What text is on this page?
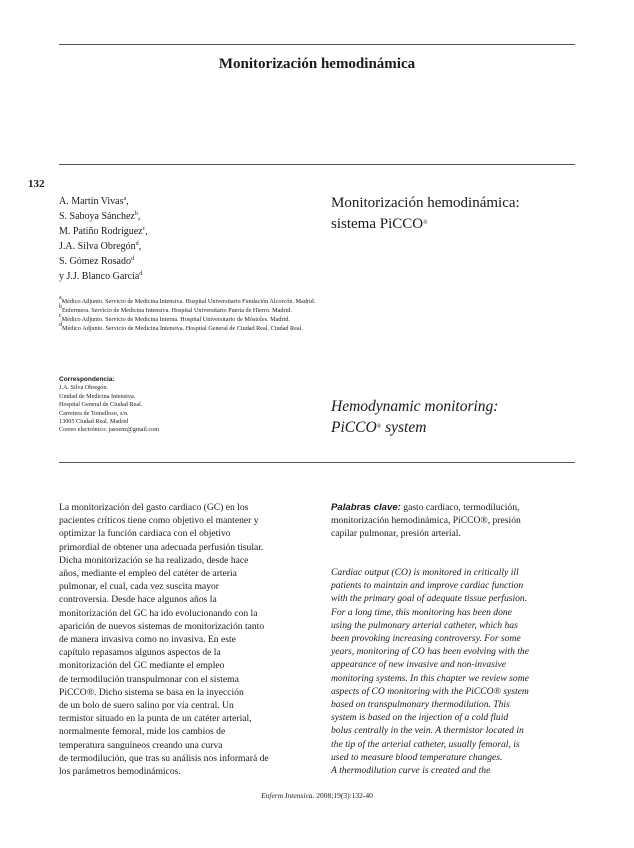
Monitorización hemodinámica
132
A. Martín Vivas$^a$,
S. Saboya Sánchez$^b$,
M. Patiño Rodríguez$^c$,
J.A. Silva Obregón$^d$,
S. Gómez Rosado$^d$
y J.J. Blanco García$^d$
$^a$Médico Adjunto. Servicio de Medicina Intensiva. Hospital Universitario Fundación Alcorcón. Madrid.
$^b$Enfermera. Servicio de Medicina Intensiva. Hospital Universitario Puerta de Hierro. Madrid.
$^c$Médico Adjunto. Servicio de Medicina Interna. Hospital Universitario de Móstoles. Madrid.
$^d$Médico Adjunto. Servicio de Medicina Intensiva. Hospital General de Ciudad Real. Ciudad Real.
Correspondencia:
J.A. Silva Obregón.
Unidad de Medicina Intensiva.
Hospital General de Ciudad Real.
Carretera de Tomelloso, s/n.
13005 Ciudad Real. Madrid
Correo electrónico: jasoenz@gmail.com
Monitorización hemodinámica:
sistema PiCCO®
Hemodynamic monitoring:
PiCCO® system
La monitorización del gasto cardiaco (GC) en los
pacientes críticos tiene como objetivo el mantener y
optimizar la función cardiaca con el objetivo
primordial de obtener una adecuada perfusión tisular.
Dicha monitorización se ha realizado, desde hace
años, mediante el empleo del catéter de arteria
pulmonar, el cual, cada vez suscita mayor
controversia. Desde hace algunos años la
monitorización del GC ha ido evolucionando con la
aparición de nuevos sistemas de monitorización tanto
de manera invasiva como no invasiva. En este
capítulo repasamos algunos aspectos de la
monitorización del GC mediante el empleo
de termodilución transpulmonar con el sistema
PiCCO®. Dicho sistema se basa en la inyección
de un bolo de suero salino por vía central. Un
termistor situado en la punta de un catéter arterial,
normalmente femoral, mide los cambios de
temperatura sanguíneos creando una curva
de termodilución, que tras su análisis nos informará de
los parámetros hemodinámicos.
Palabras clave: gasto cardiaco, termodilución,
monitorización hemodinámica, PiCCO®, presión
capilar pulmonar, presión arterial.
Cardiac output (CO) is monitored in critically ill
patients to maintain and improve cardiac function
with the primary goal of adequate tissue perfusion.
For a long time, this monitoring has been done
using the pulmonary arterial catheter, which has
been provoking increasing controversy. For some
years, monitoring of CO has been evolving with the
appearance of new invasive and non-invasive
monitoring systems. In this chapter we review some
aspects of CO monitoring with the PiCCO® system
based on transpulmonary thermodilution. This
system is based on the injection of a cold fluid
bolus centrally in the vein. A thermistor located in
the tip of the arterial catheter, usually femoral, is
used to measure blood temperature changes.
A thermodilution curve is created and the
Enferm Intensiva. 2008;19(3):132-40
